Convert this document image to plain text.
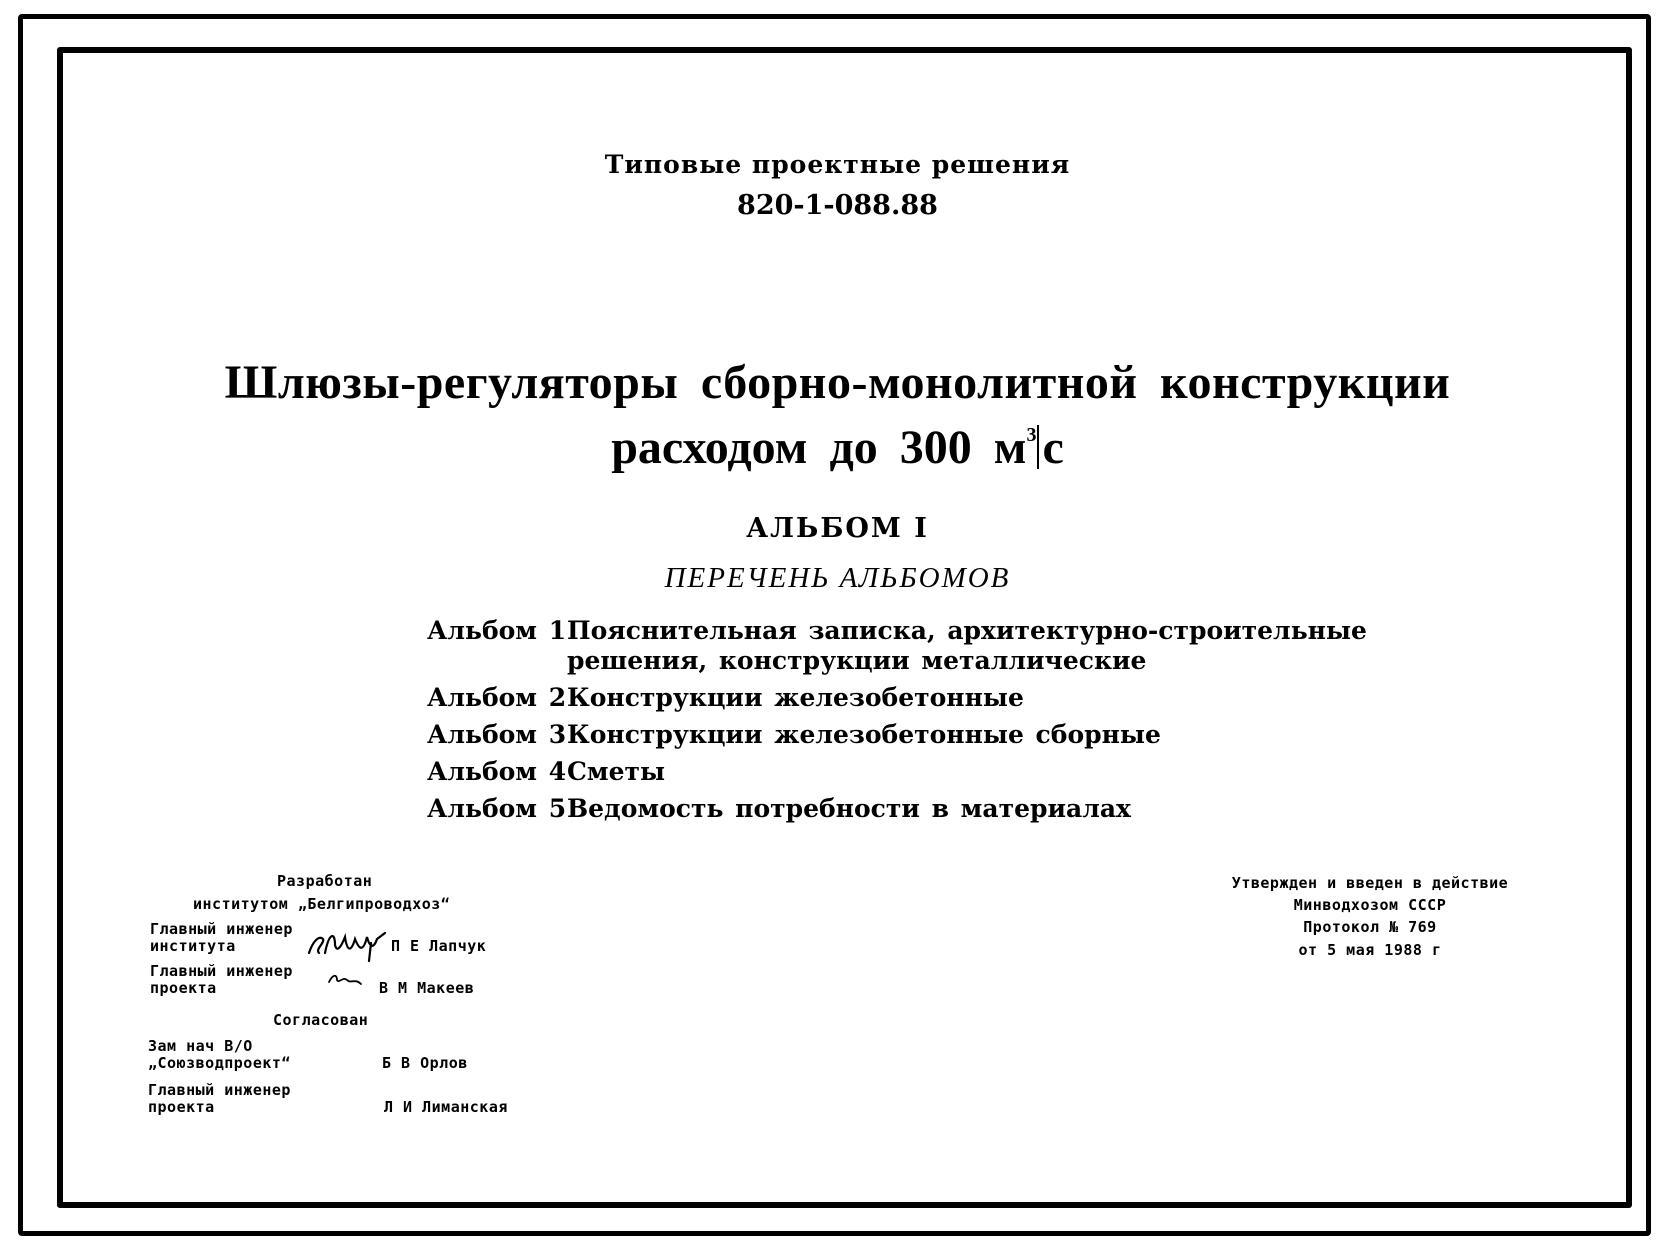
Типовые проектные решения
820-1-088.88
Шлюзы-регуляторы сборно-монолитной конструкции
расходом до 300 $м^3$ с
АЛЬБОМ I
ПЕРЕЧЕНЬ АЛЬБОМОВ
Альбом 1Пояснительная записка, архитектурно-строительные
решения, конструкции металлические
Альбом 2Конструкции железобетонные
Альбом 3Конструкции железобетонные сборные
Альбом 4Сметы
Альбом 5Ведомость потребности в материалах
Разработан
институтом „Белгипроводхоз“
Главный инженер
института	П Е Лапчук
Главный инженер
проекта	В М Макеев
Согласован
Зам нач В/О
„Союзводпроект“	Б В Орлов
Главный инженер
проекта	Л И Лиманская
Утвержден и введен в действие
Минводхозом СССР
Протокол № 769
от 5 мая 1988 г
